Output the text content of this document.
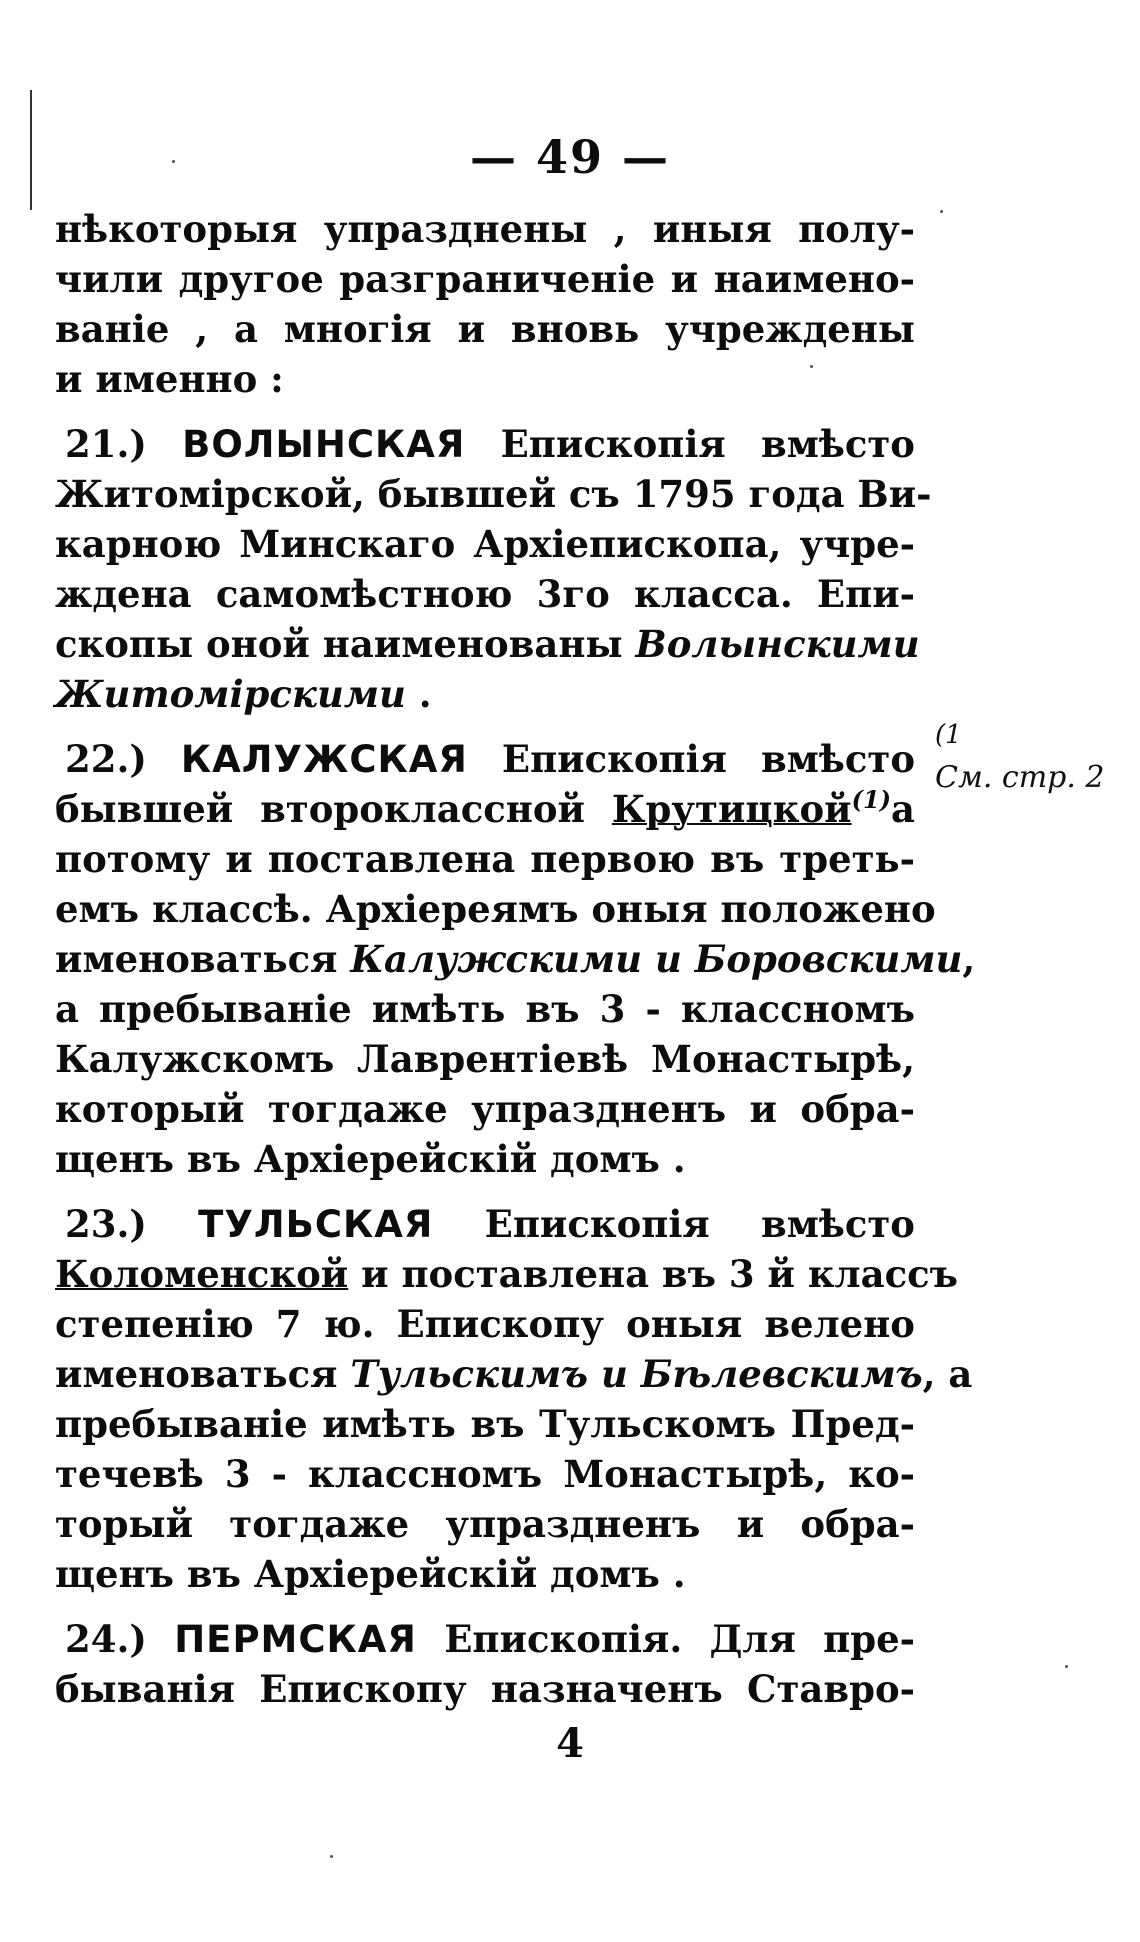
— 49 —
нѣкоторыя упразднены , иныя полу-
чили другое разграниченіе и наимено-
ваніе , а многія и вновь учреждены
и именно :
21.) ВОЛЫНСКАЯ Епископія вмѣсто
Житомірской, бывшей съ 1795 года Ви-
карною Минскаго Архіепископа, учре-
ждена самомѣстною 3го класса. Епи-
скопы оной наименованы Волынскими
Житомірскими .
22.) КАЛУЖСКАЯ Епископія вмѣсто
бывшей второклассной Крутицкой$^{(1)}$а
потому и поставлена первою въ треть-
емъ классѣ. Архіереямъ оныя положено
именоваться Калужскими и Боровскими,
а пребываніе имѣть въ 3 - классномъ
Калужскомъ Лаврентіевѣ Монастырѣ,
который тогдаже упраздненъ и обра-
щенъ въ Архіерейскій домъ .
23.) ТУЛЬСКАЯ Епископія вмѣсто
Коломенской и поставлена въ 3 й классъ
степенію 7 ю. Епископу оныя велено
именоваться Тульскимъ и Бѣлевскимъ, а
пребываніе имѣть въ Тульскомъ Пред-
течевѣ 3 - классномъ Монастырѣ, ко-
торый тогдаже упраздненъ и обра-
щенъ въ Архіерейскій домъ .
24.) ПЕРМСКАЯ Епископія. Для пре-
быванія Епископу назначенъ Ставро-
4
(1
См. стр. 2
